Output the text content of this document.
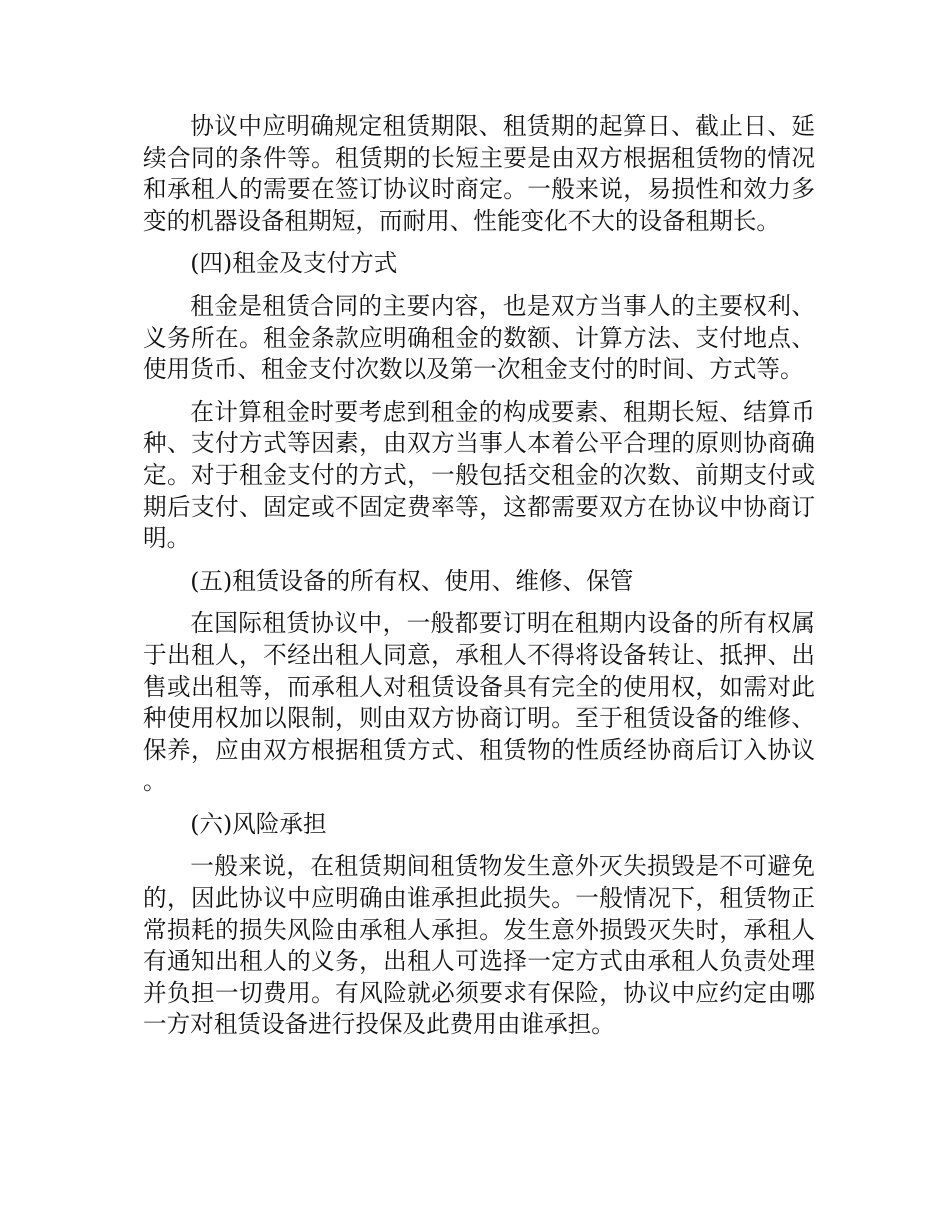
协议中应明确规定租赁期限、租赁期的起算日、截止日、延续合同的条件等。租赁期的长短主要是由双方根据租赁物的情况和承租人的需要在签订协议时商定。一般来说，易损性和效力多变的机器设备租期短，而耐用、性能变化不大的设备租期长。

(四)租金及支付方式

租金是租赁合同的主要内容，也是双方当事人的主要权利、义务所在。租金条款应明确租金的数额、计算方法、支付地点、使用货币、租金支付次数以及第一次租金支付的时间、方式等。

在计算租金时要考虑到租金的构成要素、租期长短、结算币种、支付方式等因素，由双方当事人本着公平合理的原则协商确定。对于租金支付的方式，一般包括交租金的次数、前期支付或期后支付、固定或不固定费率等，这都需要双方在协议中协商订明。

(五)租赁设备的所有权、使用、维修、保管

在国际租赁协议中，一般都要订明在租期内设备的所有权属于出租人，不经出租人同意，承租人不得将设备转让、抵押、出售或出租等，而承租人对租赁设备具有完全的使用权，如需对此种使用权加以限制，则由双方协商订明。至于租赁设备的维修、保养，应由双方根据租赁方式、租赁物的性质经协商后订入协议。

(六)风险承担

一般来说，在租赁期间租赁物发生意外灭失损毁是不可避免的，因此协议中应明确由谁承担此损失。一般情况下，租赁物正常损耗的损失风险由承租人承担。发生意外损毁灭失时，承租人有通知出租人的义务，出租人可选择一定方式由承租人负责处理并负担一切费用。有风险就必须要求有保险，协议中应约定由哪一方对租赁设备进行投保及此费用由谁承担。
